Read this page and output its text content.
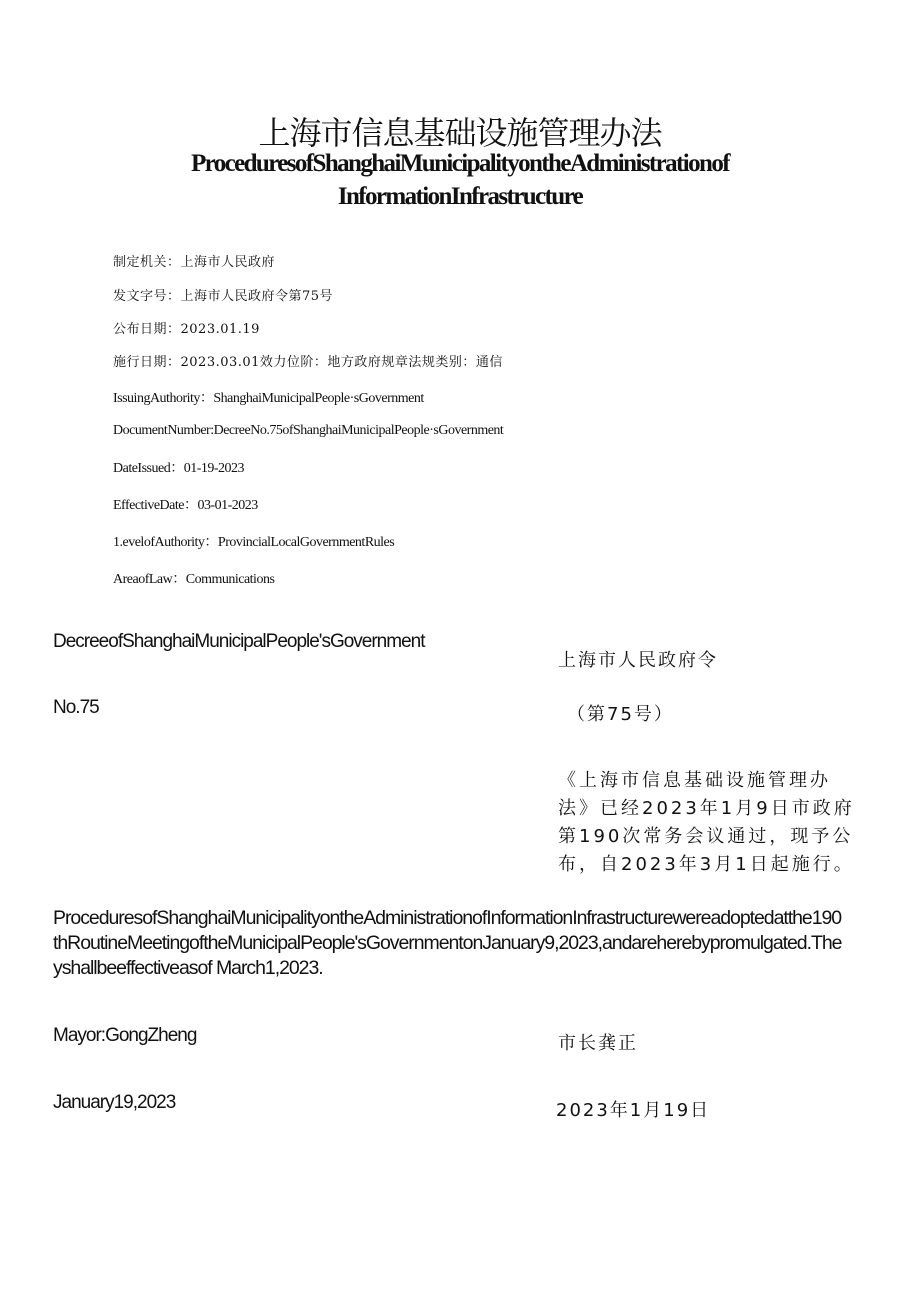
上海市信息基础设施管理办法
ProceduresofShanghaiMunicipalityontheAdministrationof
InformationInfrastructure
制定机关：上海市人民政府
发文字号：上海市人民政府令第75号
公布日期：2023.01.19
施行日期：2023.03.01效力位阶：地方政府规章法规类别：通信
IssuingAuthority：ShanghaiMunicipalPeople·sGovernment
DocumentNumber:DecreeNo.75ofShanghaiMunicipalPeople·sGovernment
DateIssued：01-19-2023
EffectiveDate：03-01-2023
1.evelofAuthority：ProvincialLocalGovernmentRules
AreaofLaw：Communications
DecreeofShanghaiMunicipalPeople'sGovernment
上海市人民政府令
No.75	（第75号）
《上海市信息基础设施管理办法》已经2023年1月9日市政府第190次常务会议通过，现予公布，自2023年3月1日起施行。
ProceduresofShanghaiMunicipalityontheAdministrationofInformationInfrastructurewereadoptedatthe190thRoutineMeetingoftheMunicipalPeople'sGovernmentonJanuary9,2023,andareherebypromulgated.Theyshallbeeffectiveasof March1,2023.
Mayor:GongZheng	市长龚正
January19,2023	2023年1月19日
